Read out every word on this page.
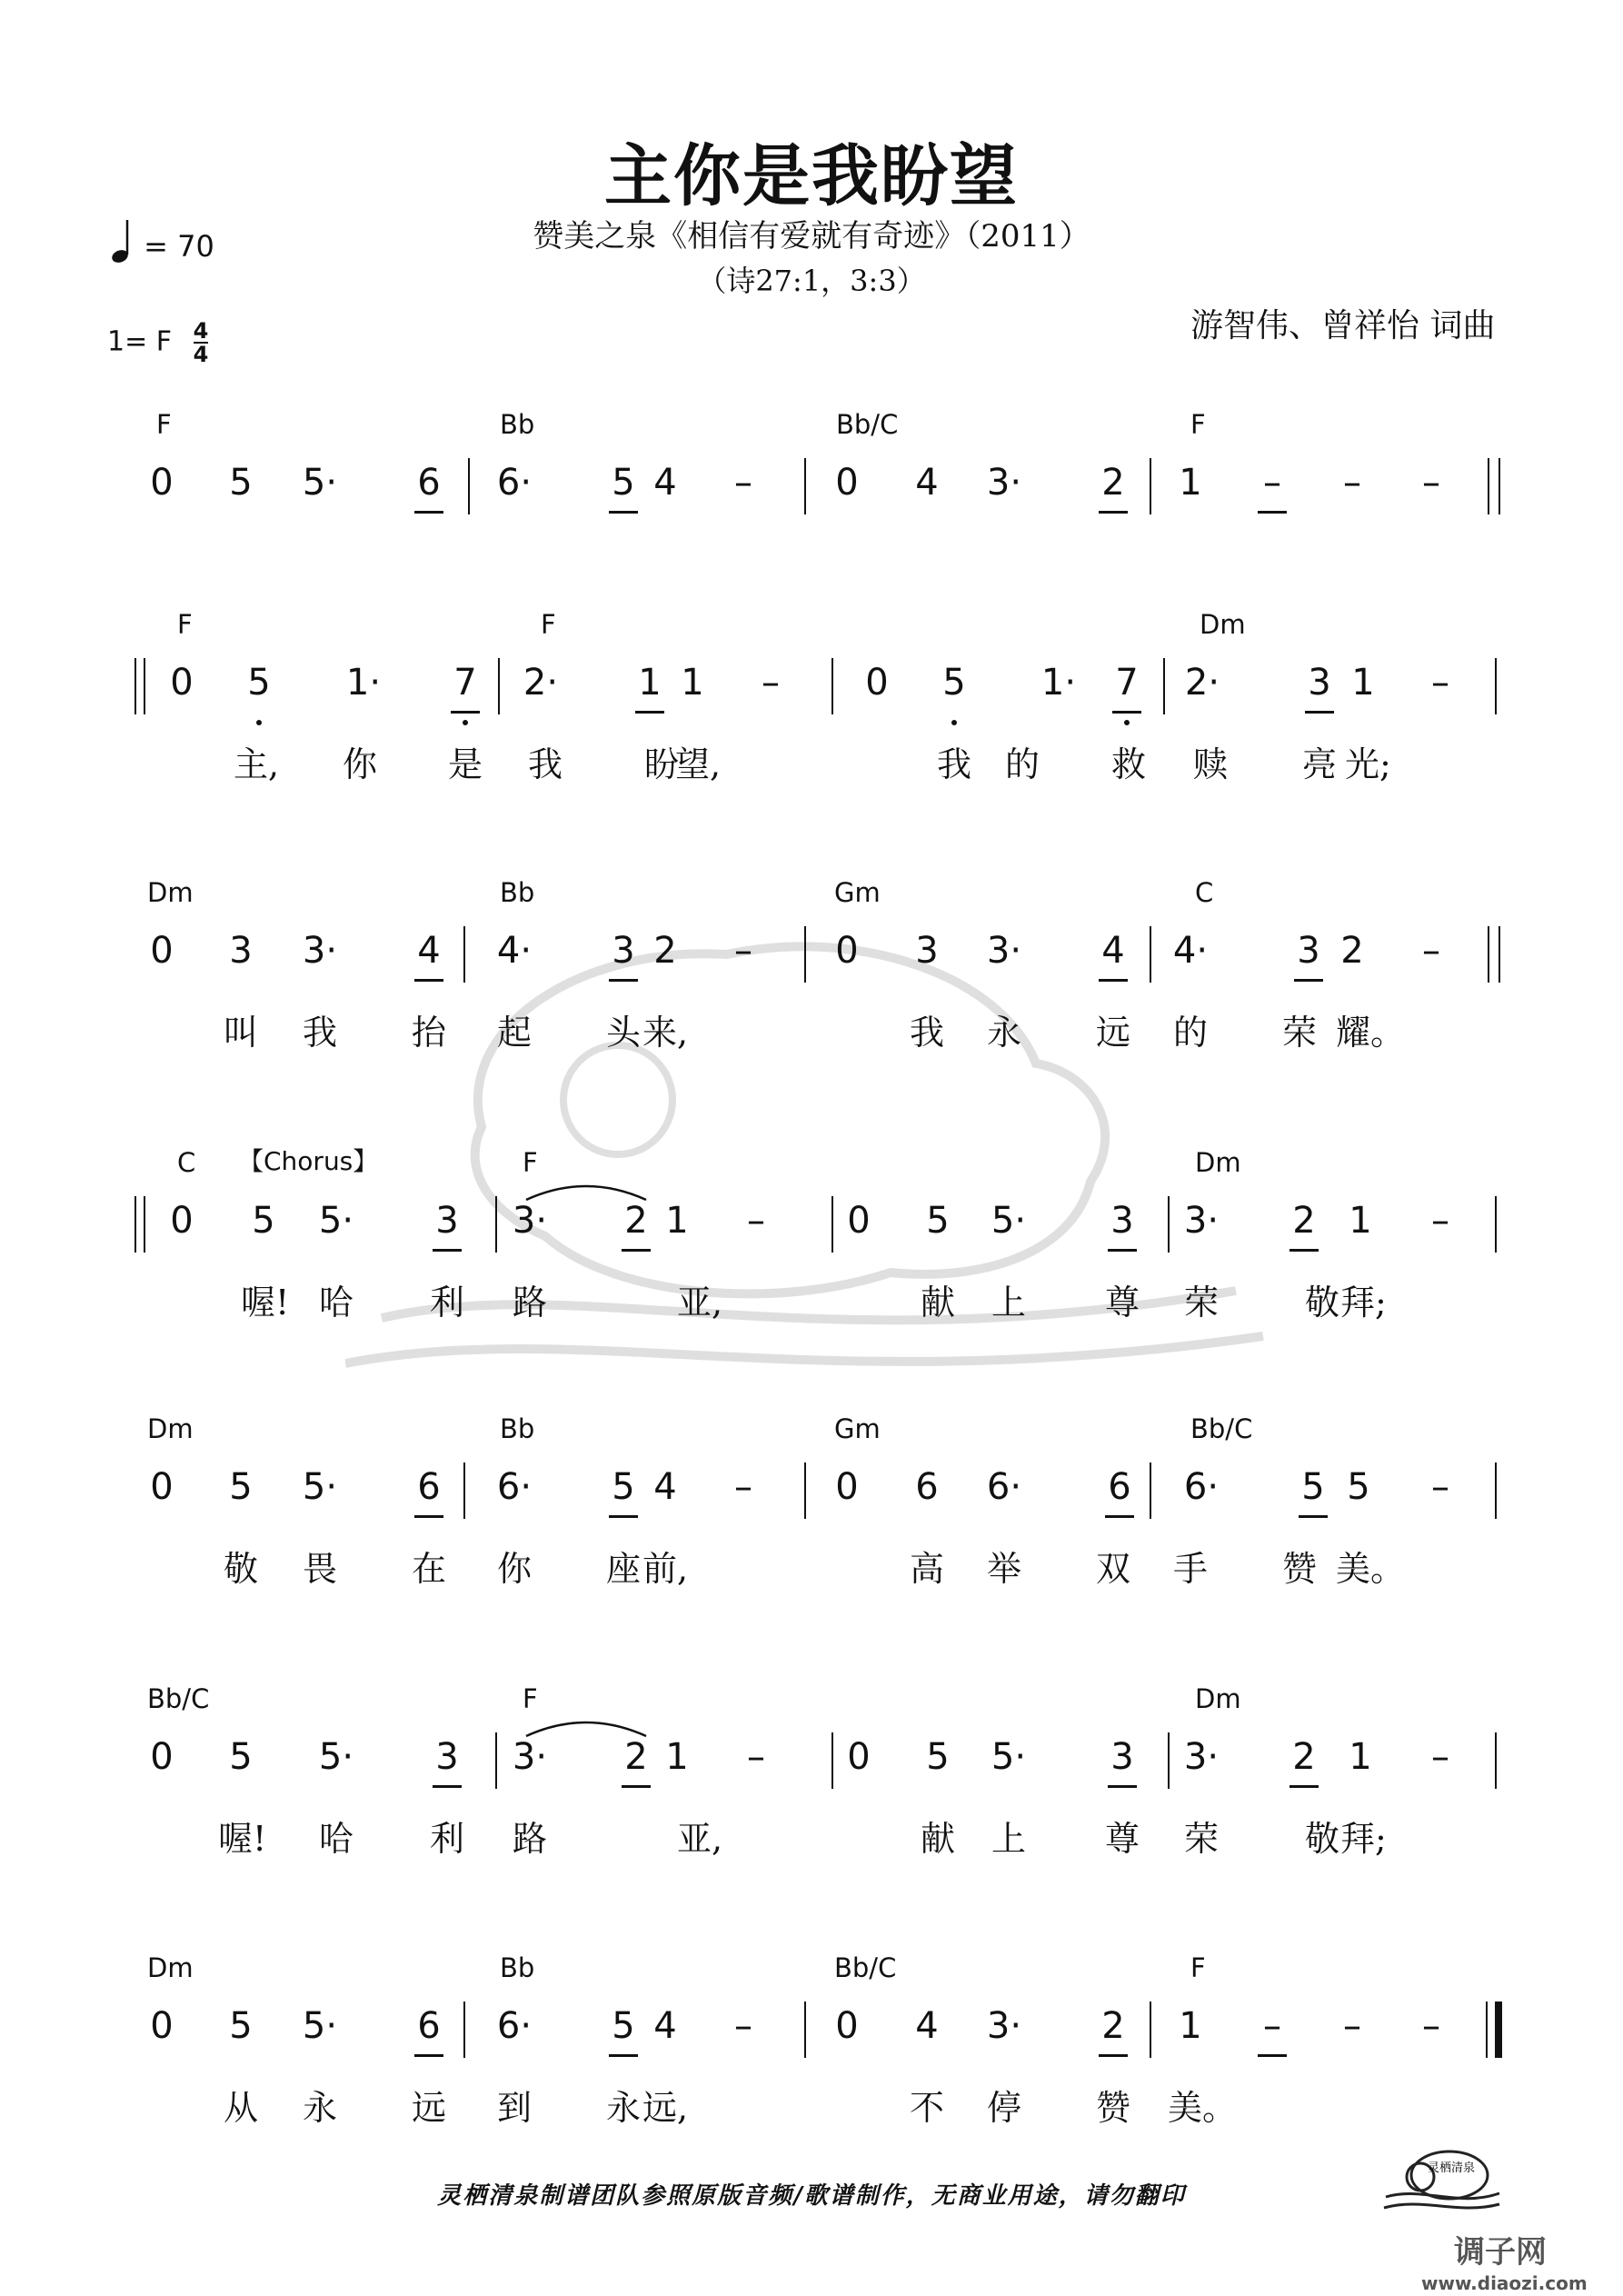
主你是我盼望
赞美之泉《相信有爱就有奇迹》（2011）
（诗27:1，3:3）
= 70
1= F $\frac{4}{4}$	游智伟、曾祥怡 词曲
F	Bb	Bb/C	F
0 5 5· 6 6· 5 4 – 0 4 3· 2 1 – – –
F	F	Dm
0 5 1· 7 2· 1 1 – 0 5 1· 7 2· 3 1 –
主, 你 是 我 盼
望,	我 的 救 赎 亮 光;
Dm	Bb	Gm	C
0 3 3· 4 4· 3 2 – 0 3 3· 4 4· 3 2 –
叫 我 抬 起 头 来,	我 永 远 的 荣 耀。
C	F	Dm
0 5 5· 3 3· 2 1 – 0 5 5· 3 3· 2 1 –
【Chorus】
喔! 哈 利 路	亚,	献 上 尊 荣 敬 拜;
Dm	Bb	Gm	Bb/C
0 5 5· 6 6· 5 4 – 0 6 6· 6 6· 5 5 –
敬 畏 在 你 座 前,	高 举 双 手 赞 美。
Bb/C	F	Dm
0 5 5· 3 3· 2 1 – 0 5 5· 3 3· 2 1 –
喔! 哈 利 路	亚,	献 上 尊 荣 敬 拜;
Dm	Bb	Bb/C	F
0 5 5· 6 6· 5 4 – 0 4 3· 2 1 – – –
从 永 远 到 永 远,	不 停 赞 美。
灵栖清泉
灵栖清泉制谱团队参照原版音频/歌谱制作，无商业用途，请勿翻印
调子网
www.diaozi.com
